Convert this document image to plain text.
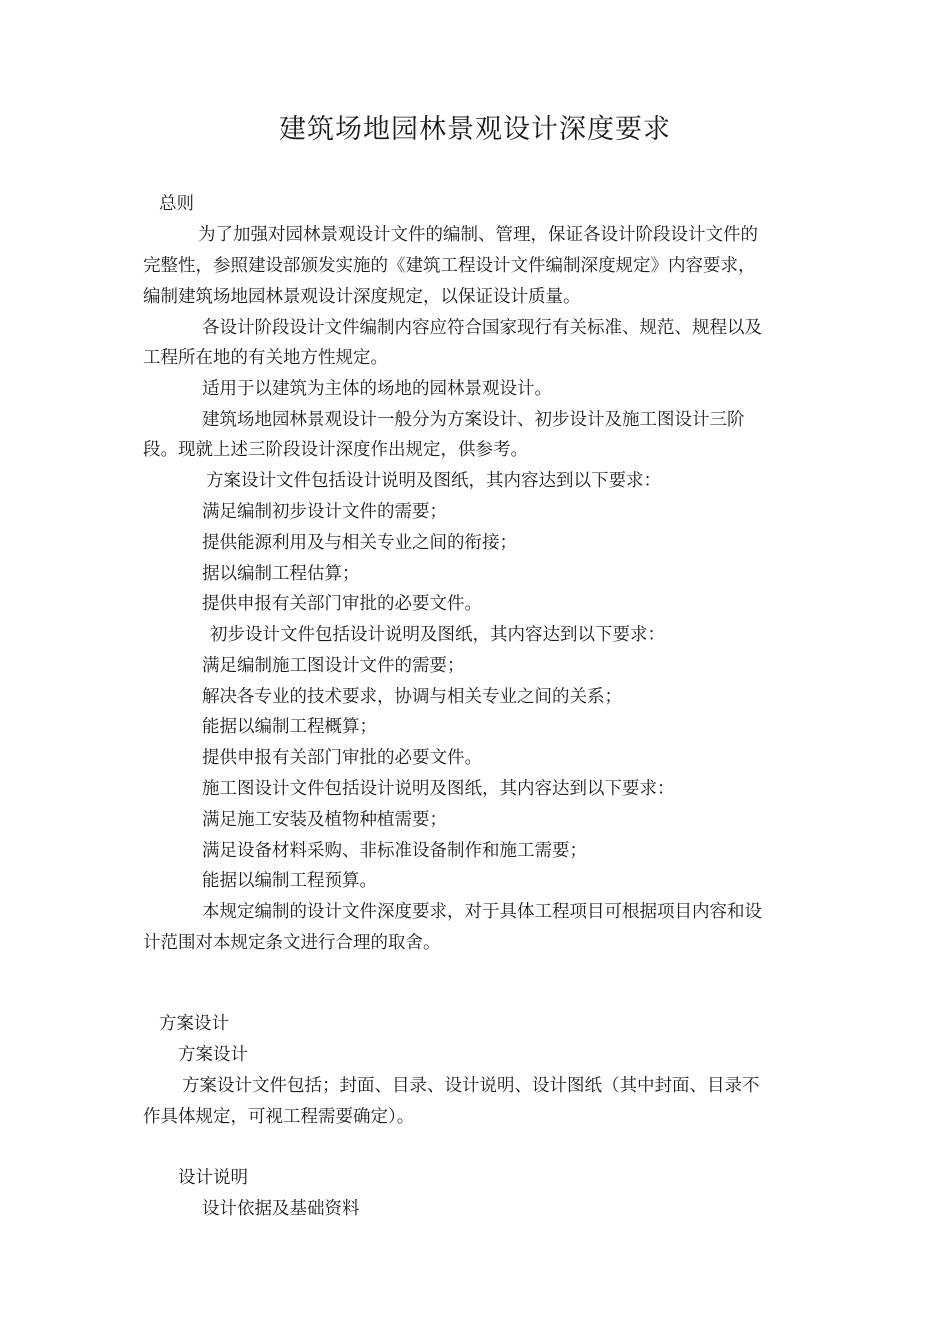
建筑场地园林景观设计深度要求
总则
为了加强对园林景观设计文件的编制、管理，保证各设计阶段设计文件的
完整性，参照建设部颁发实施的《建筑工程设计文件编制深度规定》内容要求，
编制建筑场地园林景观设计深度规定，以保证设计质量。
各设计阶段设计文件编制内容应符合国家现行有关标准、规范、规程以及
工程所在地的有关地方性规定。
适用于以建筑为主体的场地的园林景观设计。
建筑场地园林景观设计一般分为方案设计、初步设计及施工图设计三阶
段。现就上述三阶段设计深度作出规定，供参考。
方案设计文件包括设计说明及图纸，其内容达到以下要求：
满足编制初步设计文件的需要；
提供能源利用及与相关专业之间的衔接；
据以编制工程估算；
提供申报有关部门审批的必要文件。
初步设计文件包括设计说明及图纸，其内容达到以下要求：
满足编制施工图设计文件的需要；
解决各专业的技术要求，协调与相关专业之间的关系；
能据以编制工程概算；
提供申报有关部门审批的必要文件。
施工图设计文件包括设计说明及图纸，其内容达到以下要求：
满足施工安装及植物种植需要；
满足设备材料采购、非标准设备制作和施工需要；
能据以编制工程预算。
本规定编制的设计文件深度要求，对于具体工程项目可根据项目内容和设
计范围对本规定条文进行合理的取舍。
方案设计
方案设计
方案设计文件包括；封面、目录、设计说明、设计图纸（其中封面、目录不
作具体规定，可视工程需要确定）。
设计说明
设计依据及基础资料
